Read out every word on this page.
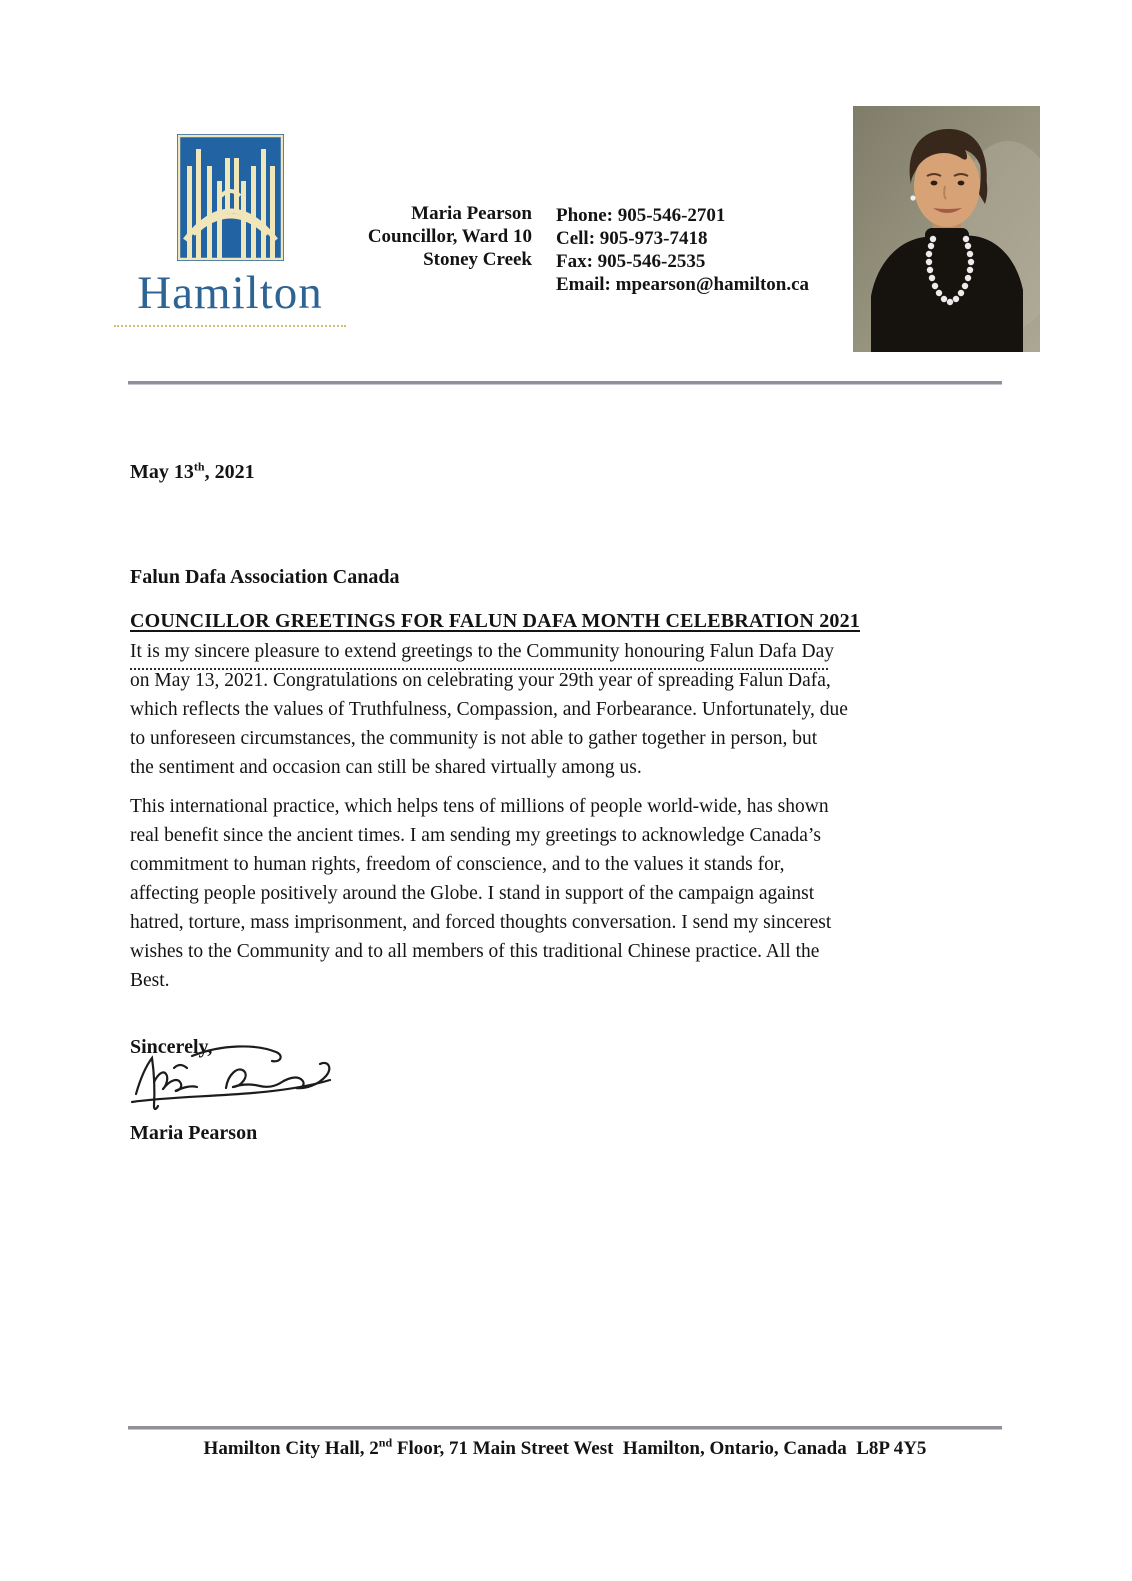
Hamilton
Maria Pearson
Councillor, Ward 10
Stoney Creek
Phone: 905-546-2701
Cell: 905-973-7418
Fax: 905-546-2535
Email: mpearson@hamilton.ca

May 13th, 2021

Falun Dafa Association Canada

COUNCILLOR GREETINGS FOR FALUN DAFA MONTH CELEBRATION 2021

It is my sincere pleasure to extend greetings to the Community honouring Falun Dafa Day
on May 13, 2021. Congratulations on celebrating your 29th year of spreading Falun Dafa,
which reflects the values of Truthfulness, Compassion, and Forbearance. Unfortunately, due
to unforeseen circumstances, the community is not able to gather together in person, but
the sentiment and occasion can still be shared virtually among us.
This international practice, which helps tens of millions of people world-wide, has shown
real benefit since the ancient times. I am sending my greetings to acknowledge Canada’s
commitment to human rights, freedom of conscience, and to the values it stands for,
affecting people positively around the Globe. I stand in support of the campaign against
hatred, torture, mass imprisonment, and forced thoughts conversation. I send my sincerest
wishes to the Community and to all members of this traditional Chinese practice. All the
Best.

Sincerely,

Maria Pearson

Hamilton City Hall, 2nd Floor, 71 Main Street West  Hamilton, Ontario, Canada  L8P 4Y5
